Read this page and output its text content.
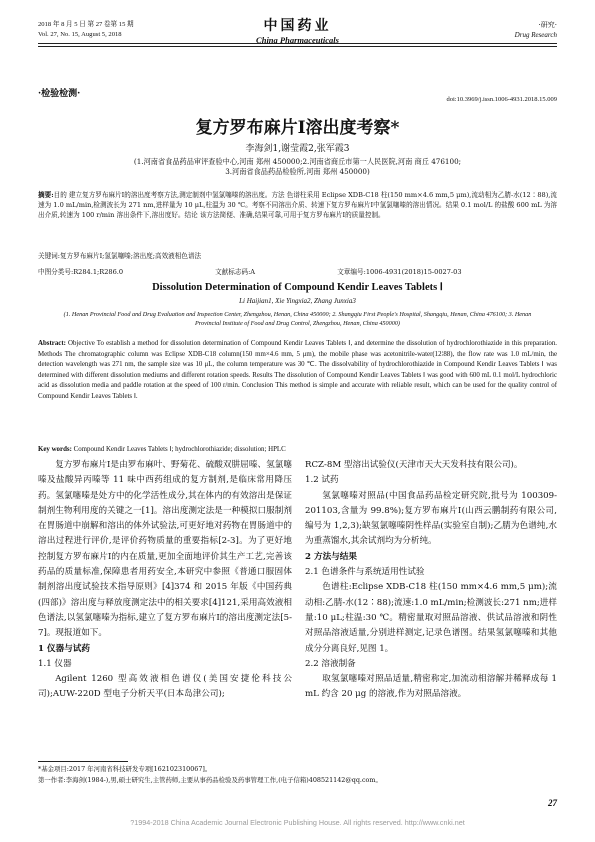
2018 年 8 月 5 日 第 27 卷第 15 期
Vol. 27, No. 15, August 5, 2018	中国药业
China Pharmaceuticals
·研究·
Drug Research
·检验检测·
doi:10.3969/j.issn.1006-4931.2018.15.009
复方罗布麻片Ⅰ溶出度考察*
李海剑1,谢莹霞2,张军霞3
(1.河南省食品药品审评查验中心,河南 郑州 450000;2.河南省商丘市第一人民医院,河南 商丘 476100;
3.河南省食品药品检验所,河南 郑州 450000)
摘要:目的 建立复方罗布麻片Ⅰ的溶出度考察方法,测定制剂中氢氯噻嗪的溶出度。方法 色谱柱采用 Eclipse XDB-C18 柱(150 mm×4.6 mm,5 μm),流动相为乙腈-水(12∶88),流速为 1.0 mL/min,检测波长为 271 nm,进样量为 10 μL,柱温为 30 ℃。考察不同溶出介质、转速下复方罗布麻片Ⅰ中氢氯噻嗪的溶出情况。结果 0.1 mol/L 的盐酸 600 mL 为溶出介质,转速为 100 r/min 溶出条件下,溶出度好。结论 该方法简便、准确,结果可靠,可用于复方罗布麻片Ⅰ的质量控制。
关键词:复方罗布麻片Ⅰ;氢氯噻嗪;溶出度;高效液相色谱法
中图分类号:R284.1;R286.0	文献标志码:A	文章编号:1006-4931(2018)15-0027-03
Dissolution Determination of Compound Kendir Leaves Tablets Ⅰ
Li Haijian1, Xie Yingxia2, Zhang Junxia3
(1. Henan Provincial Food and Drug Evaluation and Inspection Center, Zhengzhou, Henan, China 450000; 2. Shangqiu First People's Hospital, Shangqiu, Henan, China 476100; 3. Henan Provincial Institute of Food and Drug Control, Zhengzhou, Henan, China 450000)
Abstract: Objective To establish a method for dissolution determination of Compound Kendir Leaves Tablets Ⅰ, and determine the dissolution of hydrochlorothiazide in this preparation. Methods The chromatographic column was Eclipse XDB-C18 column(150 mm×4.6 mm, 5 μm), the mobile phase was acetonitrile-water(12∶88), the flow rate was 1.0 mL/min, the detection wavelength was 271 nm, the sample size was 10 μL, the column temperature was 30 ℃. The dissolvability of hydrochlorothiazide in Compound Kendir Leaves Tablets Ⅰ was determined with different dissolution mediums and different rotation speeds. Results The dissolution of Compound Kendir Leaves Tablets Ⅰ was good with 600 mL 0.1 mol/L hydrochloric acid as dissolution media and paddle rotation at the speed of 100 r/min. Conclusion This method is simple and accurate with reliable result, which can be used for the quality control of Compound Kendir Leaves Tablets Ⅰ.
Key words: Compound Kendir Leaves Tablets Ⅰ; hydrochlorothiazide; dissolution; HPLC

复方罗布麻片Ⅰ是由罗布麻叶、野菊花、硫酸双肼屈嗪、氢氯噻嗪及盐酸异丙嗪等 11 味中西药组成的复方制剂,是临床常用降压药。氢氯噻嗪是处方中的化学活性成分,其在体内的有效溶出是保证制剂生物利用度的关键之一[1]。溶出度测定法是一种模拟口服制剂在胃肠道中崩解和溶出的体外试验法,可更好地对药物在胃肠道中的溶出过程进行评价,是评价药物质量的重要指标[2-3]。为了更好地控制复方罗布麻片Ⅰ的内在质量,更加全面地评价其生产工艺,完善该药品的质量标准,保障患者用药安全,本研究中参照《普通口服固体制剂溶出度试验技术指导原则》[4]374 和 2015 年版《中国药典(四部)》溶出度与释放度测定法中的相关要求[4]121,采用高效液相色谱法,以氢氯噻嗪为指标,建立了复方罗布麻片Ⅰ的溶出度测定法[5-7]。现报道如下。

1 仪器与试药

1.1 仪器

Agilent 1260 型高效液相色谱仪(美国安捷伦科技公司);AUW-220D 型电子分析天平(日本岛津公司);

RCZ-8M 型溶出试验仪(天津市天大天发科技有限公司)。

1.2 试药

氢氯噻嗪对照品(中国食品药品检定研究院,批号为 100309-201103,含量为 99.8%);复方罗布麻片Ⅰ(山西云鹏制药有限公司,编号为 1,2,3);缺氢氯噻嗪阴性样品(实验室自制);乙腈为色谱纯,水为重蒸馏水,其余试剂均为分析纯。

2 方法与结果

2.1 色谱条件与系统适用性试验

色谱柱:Eclipse XDB-C18 柱(150 mm×4.6 mm,5 μm);流动相:乙腈-水(12∶88);流速:1.0 mL/min;检测波长:271 nm;进样量:10 μL;柱温:30 ℃。精密量取对照品溶液、供试品溶液和阴性对照品溶液适量,分别进样测定,记录色谱图。结果氢氯噻嗪和其他成分分离良好,见图 1。

2.2 溶液制备

取氢氯噻嗪对照品适量,精密称定,加流动相溶解并稀释成每 1 mL 约含 20 μg 的溶液,作为对照品溶液。

*基金项目:2017 年河南省科技研发专项[162102310067]。
第一作者:李海剑(1984-),男,硕士研究生,主管药师,主要从事药品检验及药事管理工作,(电子信箱)408521142@qq.com。
27
?1994-2018 China Academic Journal Electronic Publishing House. All rights reserved. http://www.cnki.net
